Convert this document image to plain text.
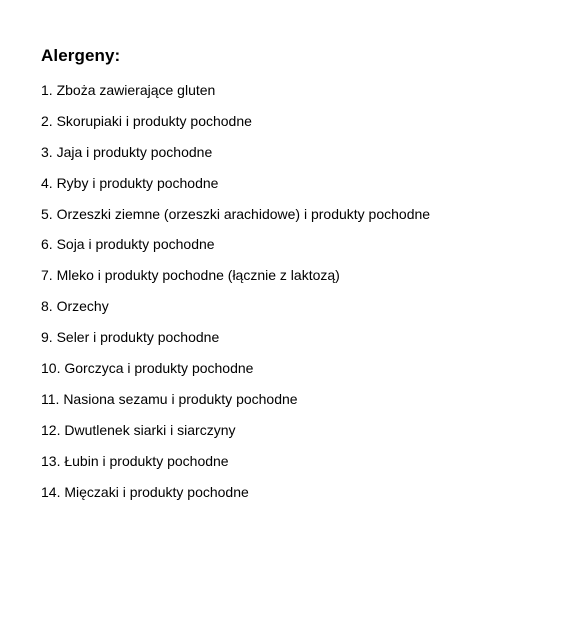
Alergeny:
1. Zboża zawierające gluten
2. Skorupiaki i produkty pochodne
3. Jaja i produkty pochodne
4. Ryby i produkty pochodne
5. Orzeszki ziemne (orzeszki arachidowe) i produkty pochodne
6. Soja i produkty pochodne
7. Mleko i produkty pochodne (łącznie z laktozą)
8. Orzechy
9. Seler i produkty pochodne
10. Gorczyca i produkty pochodne
11. Nasiona sezamu i produkty pochodne
12. Dwutlenek siarki i siarczyny
13. Łubin i produkty pochodne
14. Mięczaki i produkty pochodne
